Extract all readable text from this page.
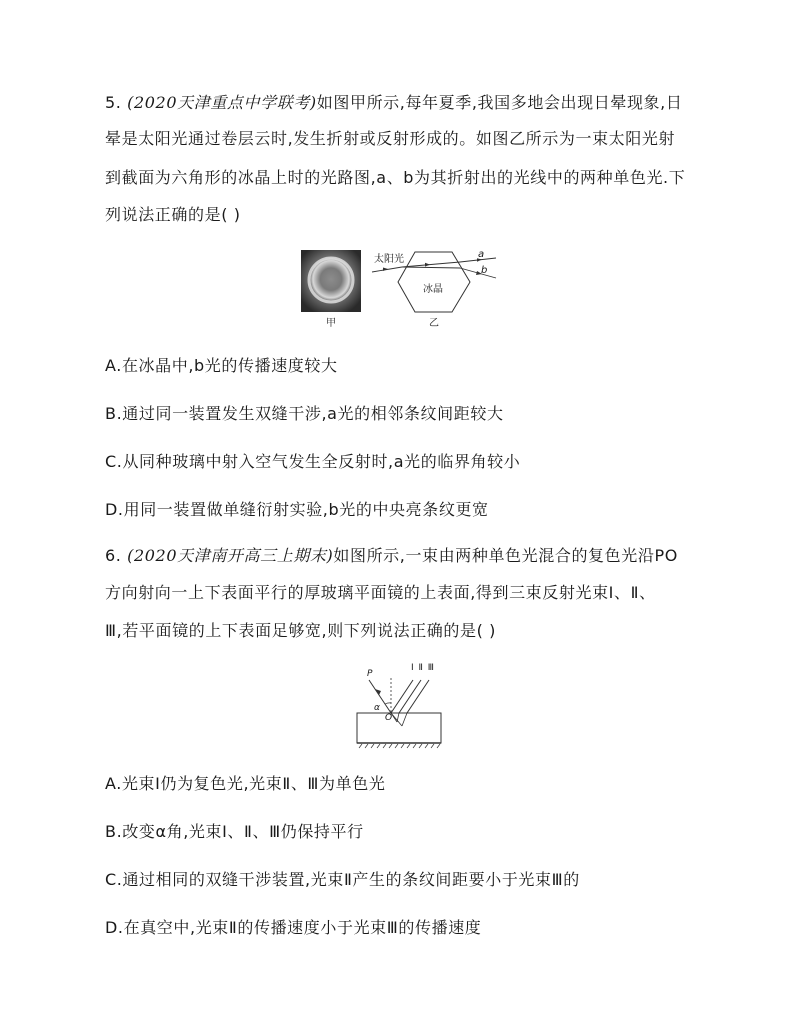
5. (2020天津重点中学联考)如图甲所示,每年夏季,我国多地会出现日晕现象,日
晕是太阳光通过卷层云时,发生折射或反射形成的。如图乙所示为一束太阳光射
到截面为六角形的冰晶上时的光路图,a、b为其折射出的光线中的两种单色光.下
列说法正确的是( )
甲
太阳光
冰晶
a
b
乙
A.在冰晶中,b光的传播速度较大
B.通过同一装置发生双缝干涉,a光的相邻条纹间距较大
C.从同种玻璃中射入空气发生全反射时,a光的临界角较小
D.用同一装置做单缝衍射实验,b光的中央亮条纹更宽
6. (2020天津南开高三上期末)如图所示,一束由两种单色光混合的复色光沿PO
方向射向一上下表面平行的厚玻璃平面镜的上表面,得到三束反射光束Ⅰ、Ⅱ、
Ⅲ,若平面镜的上下表面足够宽,则下列说法正确的是( )
P
α
O
Ⅰ Ⅱ Ⅲ
A.光束Ⅰ仍为复色光,光束Ⅱ、Ⅲ为单色光
B.改变α角,光束Ⅰ、Ⅱ、Ⅲ仍保持平行
C.通过相同的双缝干涉装置,光束Ⅱ产生的条纹间距要小于光束Ⅲ的
D.在真空中,光束Ⅱ的传播速度小于光束Ⅲ的传播速度
